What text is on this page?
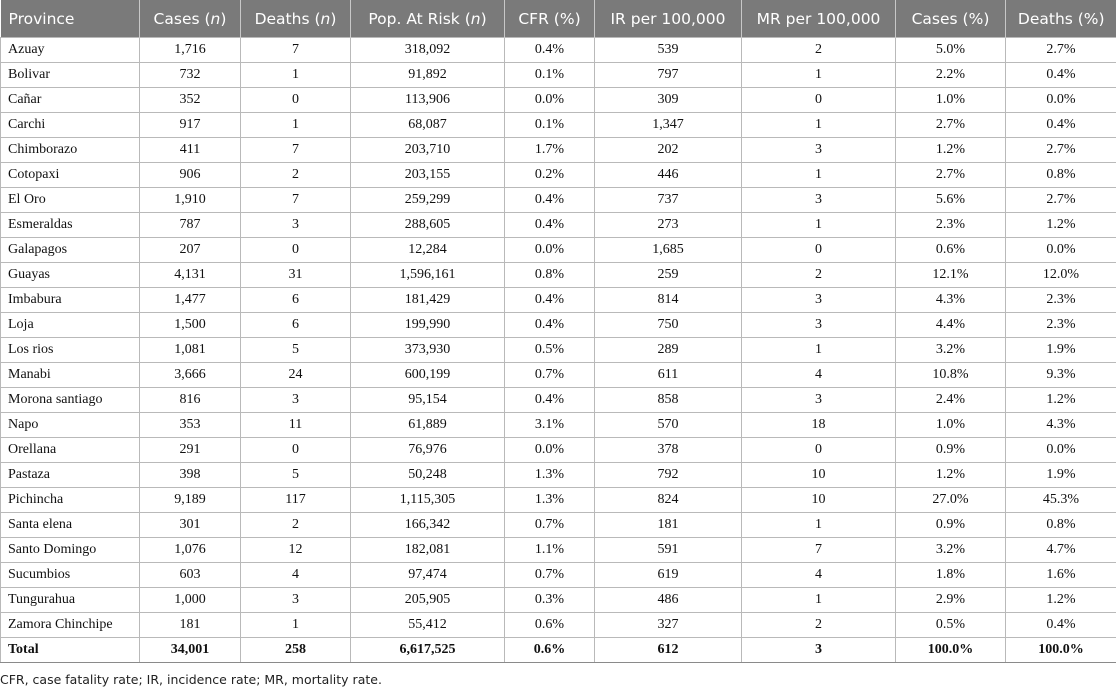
Province	Cases (n)	Deaths (n)	Pop. At Risk (n)	CFR (%)	IR per 100,000	MR per 100,000	Cases (%)	Deaths (%)
Azuay	1,716	7	318,092	0.4%	539	2	5.0%	2.7%
Bolivar	732	1	91,892	0.1%	797	1	2.2%	0.4%
Cañar	352	0	113,906	0.0%	309	0	1.0%	0.0%
Carchi	917	1	68,087	0.1%	1,347	1	2.7%	0.4%
Chimborazo	411	7	203,710	1.7%	202	3	1.2%	2.7%
Cotopaxi	906	2	203,155	0.2%	446	1	2.7%	0.8%
El Oro	1,910	7	259,299	0.4%	737	3	5.6%	2.7%
Esmeraldas	787	3	288,605	0.4%	273	1	2.3%	1.2%
Galapagos	207	0	12,284	0.0%	1,685	0	0.6%	0.0%
Guayas	4,131	31	1,596,161	0.8%	259	2	12.1%	12.0%
Imbabura	1,477	6	181,429	0.4%	814	3	4.3%	2.3%
Loja	1,500	6	199,990	0.4%	750	3	4.4%	2.3%
Los rios	1,081	5	373,930	0.5%	289	1	3.2%	1.9%
Manabi	3,666	24	600,199	0.7%	611	4	10.8%	9.3%
Morona santiago	816	3	95,154	0.4%	858	3	2.4%	1.2%
Napo	353	11	61,889	3.1%	570	18	1.0%	4.3%
Orellana	291	0	76,976	0.0%	378	0	0.9%	0.0%
Pastaza	398	5	50,248	1.3%	792	10	1.2%	1.9%
Pichincha	9,189	117	1,115,305	1.3%	824	10	27.0%	45.3%
Santa elena	301	2	166,342	0.7%	181	1	0.9%	0.8%
Santo Domingo	1,076	12	182,081	1.1%	591	7	3.2%	4.7%
Sucumbios	603	4	97,474	0.7%	619	4	1.8%	1.6%
Tungurahua	1,000	3	205,905	0.3%	486	1	2.9%	1.2%
Zamora Chinchipe	181	1	55,412	0.6%	327	2	0.5%	0.4%
Total	34,001	258	6,617,525	0.6%	612	3	100.0%	100.0%
CFR, case fatality rate; IR, incidence rate; MR, mortality rate.
